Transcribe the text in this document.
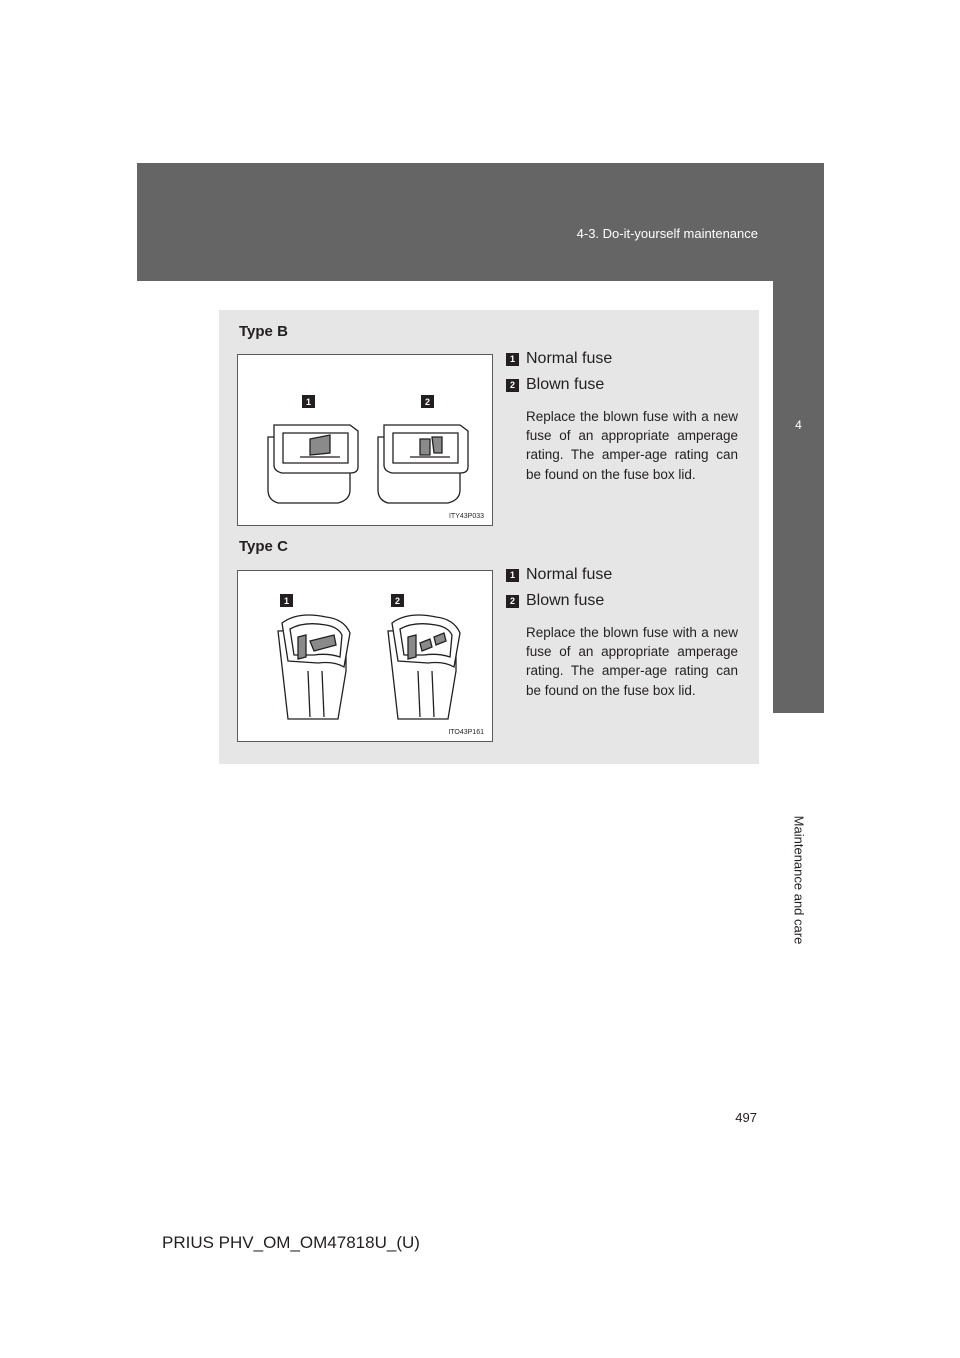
4-3. Do-it-yourself maintenance
4
Maintenance and care
Type B
1	2
ITY43P033
1 Normal fuse
2 Blown fuse
Replace the blown fuse with a new fuse of an appropriate amperage rating. The amper-age rating can be found on the fuse box lid.
Type C
1	2
ITO43P161
1 Normal fuse
2 Blown fuse
Replace the blown fuse with a new fuse of an appropriate amperage rating. The amper-age rating can be found on the fuse box lid.
497
PRIUS PHV_OM_OM47818U_(U)
